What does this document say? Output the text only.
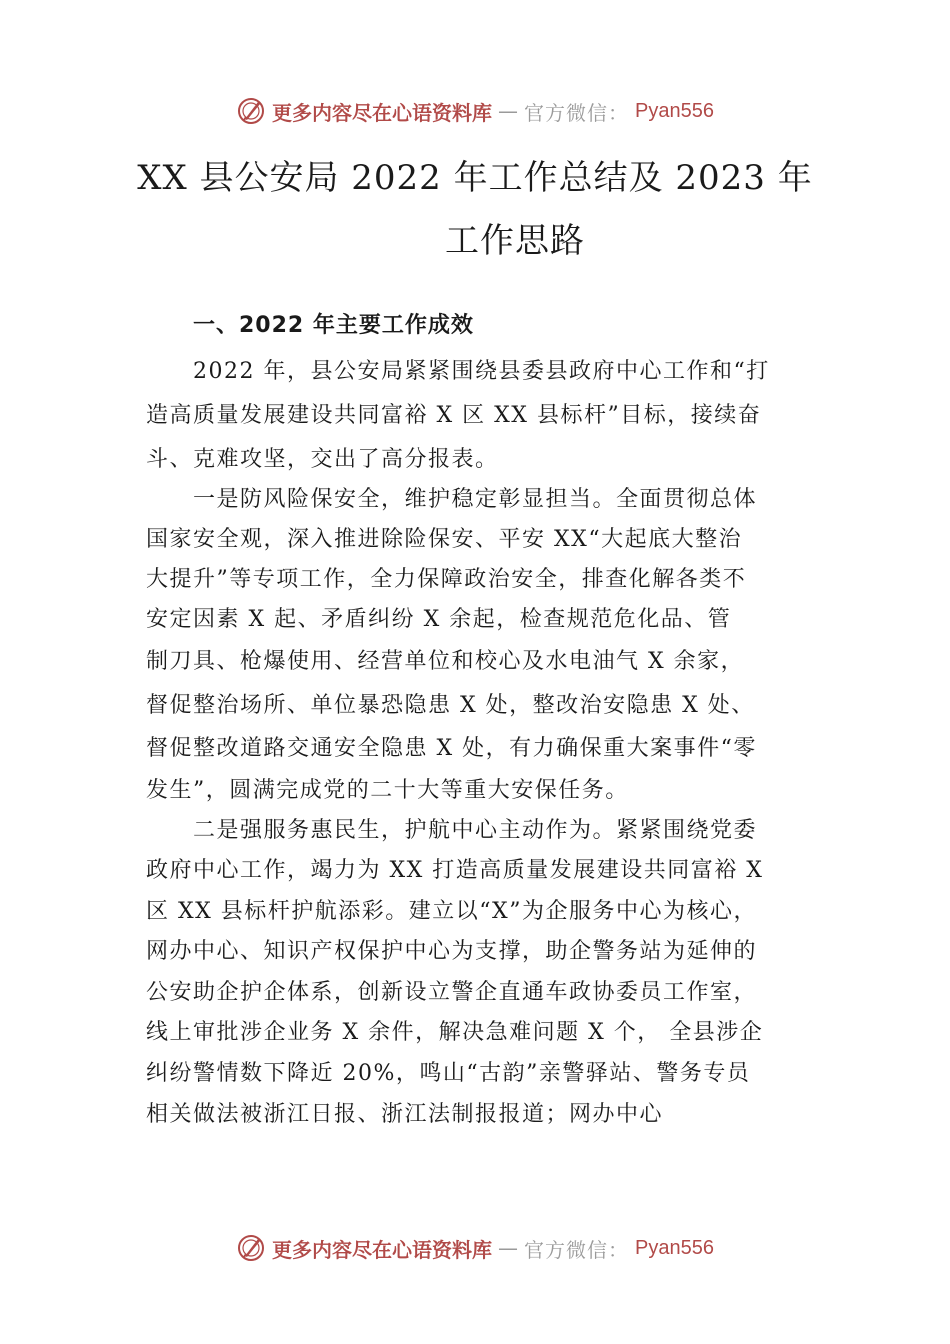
更多内容尽在心语资料库 — 官方微信： Pyan556
XX 县公安局 2022 年工作总结及 2023 年
工作思路
一、2022 年主要工作成效
2022 年，县公安局紧紧围绕县委县政府中心工作和“打
造高质量发展建设共同富裕 X 区 XX 县标杆”目标，接续奋
斗、克难攻坚，交出了高分报表。
一是防风险保安全，维护稳定彰显担当。全面贯彻总体
国家安全观，深入推进除险保安、平安 XX“大起底大整治
大提升”等专项工作，全力保障政治安全，排查化解各类不
安定因素 X 起、矛盾纠纷 X 余起，检查规范危化品、管
制刀具、枪爆使用、经营单位和校心及水电油气 X 余家，
督促整治场所、单位暴恐隐患 X 处，整改治安隐患 X 处、
督促整改道路交通安全隐患 X 处，有力确保重大案事件“零
发生”，圆满完成党的二十大等重大安保任务。
二是强服务惠民生，护航中心主动作为。紧紧围绕党委
政府中心工作，竭力为 XX 打造高质量发展建设共同富裕 X
区 XX 县标杆护航添彩。建立以“X”为企服务中心为核心，
网办中心、知识产权保护中心为支撑，助企警务站为延伸的
公安助企护企体系，创新设立警企直通车政协委员工作室，
线上审批涉企业务 X 余件，解决急难问题 X 个， 全县涉企
纠纷警情数下降近 20%，鸣山“古韵”亲警驿站、警务专员
相关做法被浙江日报、浙江法制报报道；网办中心
更多内容尽在心语资料库 — 官方微信： Pyan556
